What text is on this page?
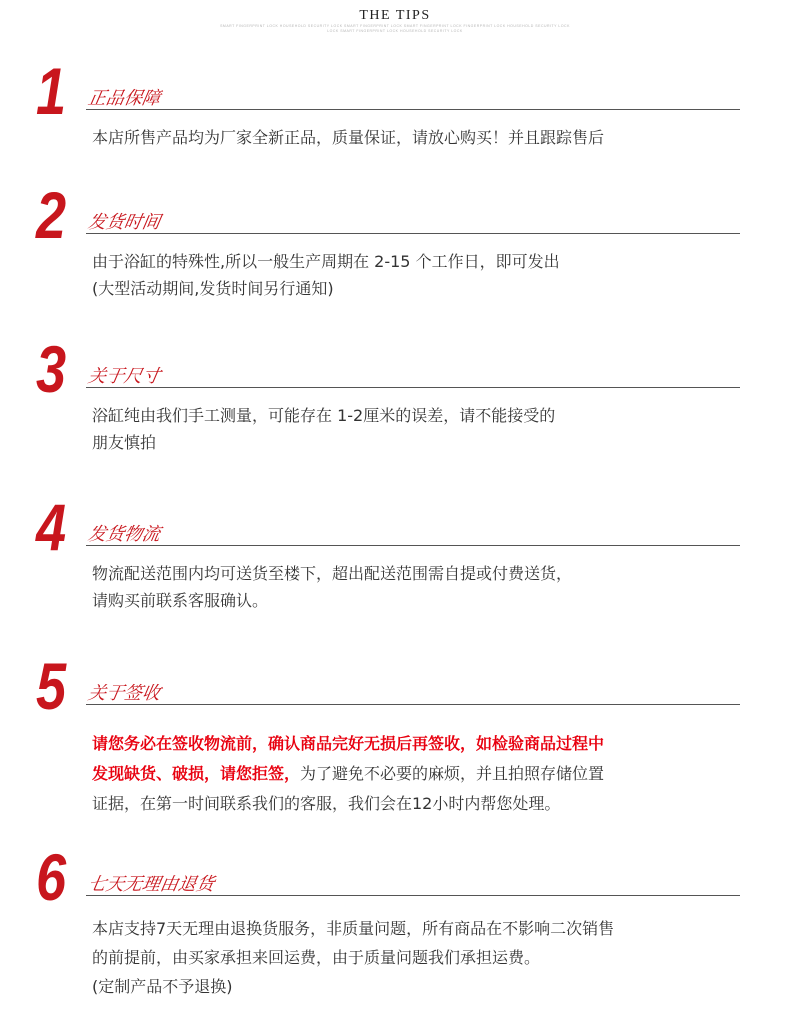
THE TIPS
SMART FINGERPRINT LOCK HOUSEHOLD SECURITY LOCK SMART FINGERPRINT LOCK SMART FINGERPRINT LOCK FINGERPRINT LOCK HOUSEHOLD SECURITY LOCK
LOCK SMART FINGERPRINT LOCK HOUSEHOLD SECURITY LOCK
1 正品保障
本店所售产品均为厂家全新正品，质量保证，请放心购买！并且跟踪售后
2 发货时间
由于浴缸的特殊性,所以一般生产周期在 2-15 个工作日，即可发出
(大型活动期间,发货时间另行通知)
3 关于尺寸
浴缸纯由我们手工测量，可能存在 1-2厘米的误差，请不能接受的
朋友慎拍
4 发货物流
物流配送范围内均可送货至楼下，超出配送范围需自提或付费送货，
请购买前联系客服确认。
5 关于签收
请您务必在签收物流前，确认商品完好无损后再签收，如检验商品过程中
发现缺货、破损，请您拒签，为了避免不必要的麻烦，并且拍照存储位置
证据，在第一时间联系我们的客服，我们会在12小时内帮您处理。
6 七天无理由退货
本店支持7天无理由退换货服务，非质量问题，所有商品在不影响二次销售
的前提前，由买家承担来回运费，由于质量问题我们承担运费。
(定制产品不予退换)
